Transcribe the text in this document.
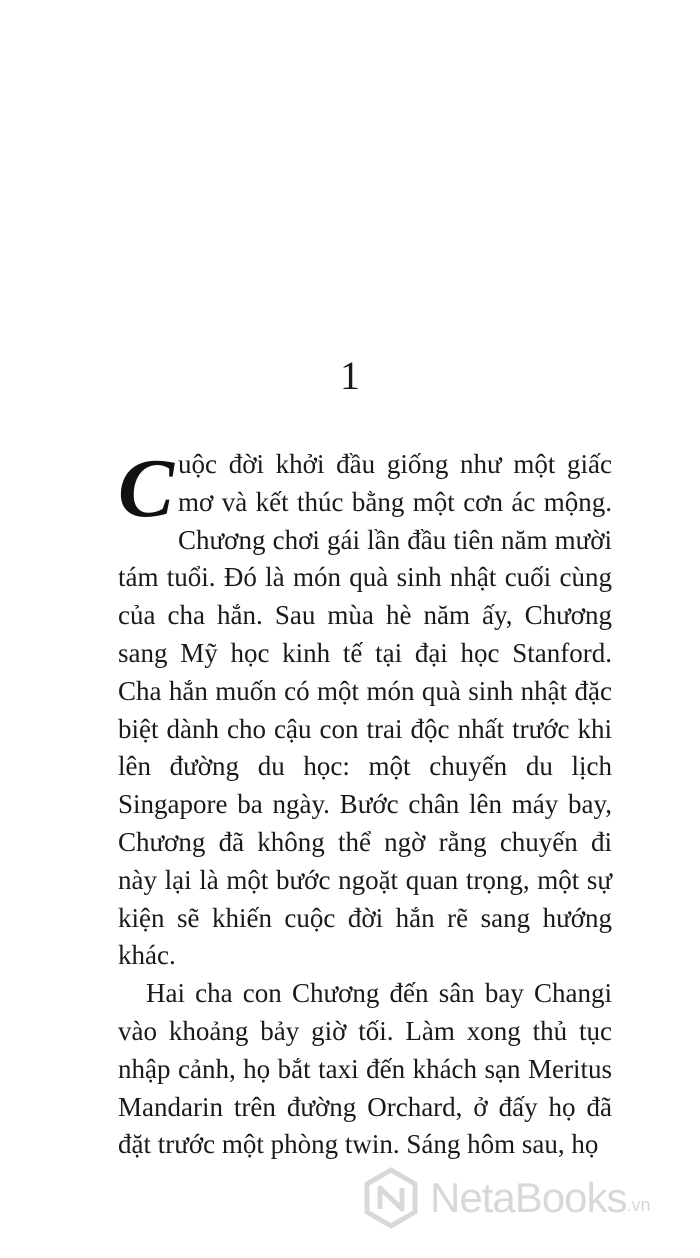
1

Cuộc đời khởi đầu giống như một giấc mơ và kết thúc bằng một cơn ác mộng. Chương chơi gái lần đầu tiên năm mười tám tuổi. Đó là món quà sinh nhật cuối cùng của cha hắn. Sau mùa hè năm ấy, Chương sang Mỹ học kinh tế tại đại học Stanford. Cha hắn muốn có một món quà sinh nhật đặc biệt dành cho cậu con trai độc nhất trước khi lên đường du học: một chuyến du lịch Singapore ba ngày. Bước chân lên máy bay, Chương đã không thể ngờ rằng chuyến đi này lại là một bước ngoặt quan trọng, một sự kiện sẽ khiến cuộc đời hắn rẽ sang hướng khác.

Hai cha con Chương đến sân bay Changi vào khoảng bảy giờ tối. Làm xong thủ tục nhập cảnh, họ bắt taxi đến khách sạn Meritus Mandarin trên đường Orchard, ở đấy họ đã đặt trước một phòng twin. Sáng hôm sau, họ

NetaBooks .vn
